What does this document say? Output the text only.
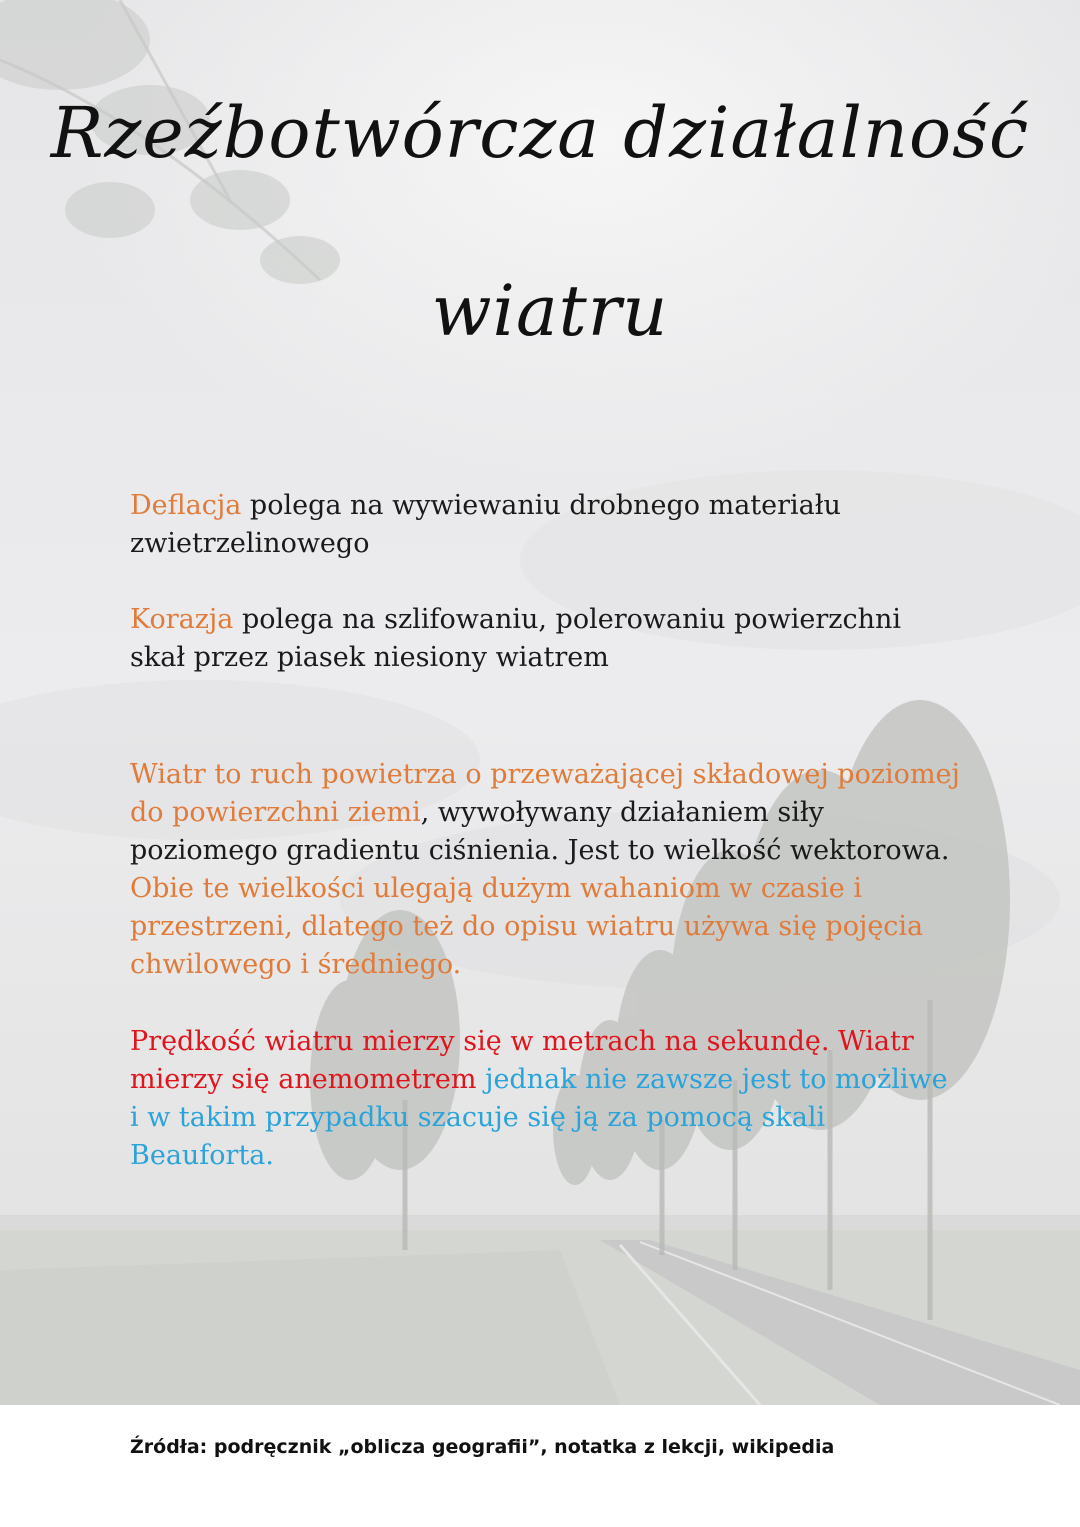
Rzeźbotwórcza działalność
wiatru

Deflacja polega na wywiewaniu drobnego materiału zwietrzelinowego

Korazja polega na szlifowaniu, polerowaniu powierzchni skał przez piasek niesiony wiatrem

Wiatr to ruch powietrza o przeważającej składowej poziomej do powierzchni ziemi, wywoływany działaniem siły poziomego gradientu ciśnienia. Jest to wielkość wektorowa. Obie te wielkości ulegają dużym wahaniom w czasie i przestrzeni, dlatego też do opisu wiatru używa się pojęcia chwilowego i średniego.

Prędkość wiatru mierzy się w metrach na sekundę. Wiatr mierzy się anemometrem jednak nie zawsze jest to możliwe i w takim przypadku szacuje się ją za pomocą skali Beauforta.

Źródła: podręcznik „oblicza geografii”, notatka z lekcji, wikipedia
